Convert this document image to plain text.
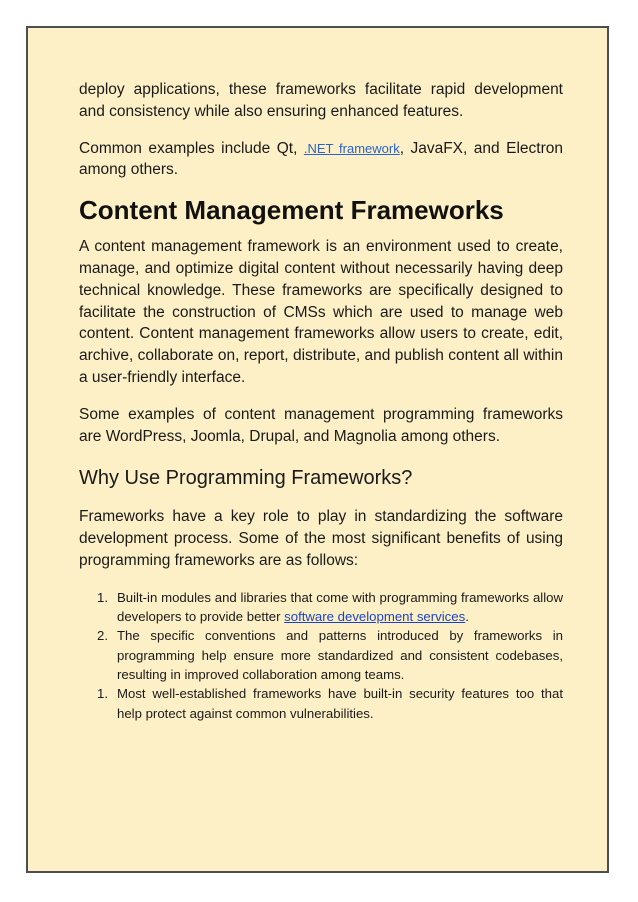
deploy applications, these frameworks facilitate rapid development and consistency while also ensuring enhanced features.

Common examples include Qt, .NET framework, JavaFX, and Electron among others.

Content Management Frameworks

A content management framework is an environment used to create, manage, and optimize digital content without necessarily having deep technical knowledge. These frameworks are specifically designed to facilitate the construction of CMSs which are used to manage web content. Content management frameworks allow users to create, edit, archive, collaborate on, report, distribute, and publish content all within a user-friendly interface.

Some examples of content management programming frameworks are WordPress, Joomla, Drupal, and Magnolia among others.

Why Use Programming Frameworks?

Frameworks have a key role to play in standardizing the software development process. Some of the most significant benefits of using programming frameworks are as follows:

1. Built-in modules and libraries that come with programming frameworks allow developers to provide better software development services.
2. The specific conventions and patterns introduced by frameworks in programming help ensure more standardized and consistent codebases, resulting in improved collaboration among teams.
1. Most well-established frameworks have built-in security features too that help protect against common vulnerabilities.
